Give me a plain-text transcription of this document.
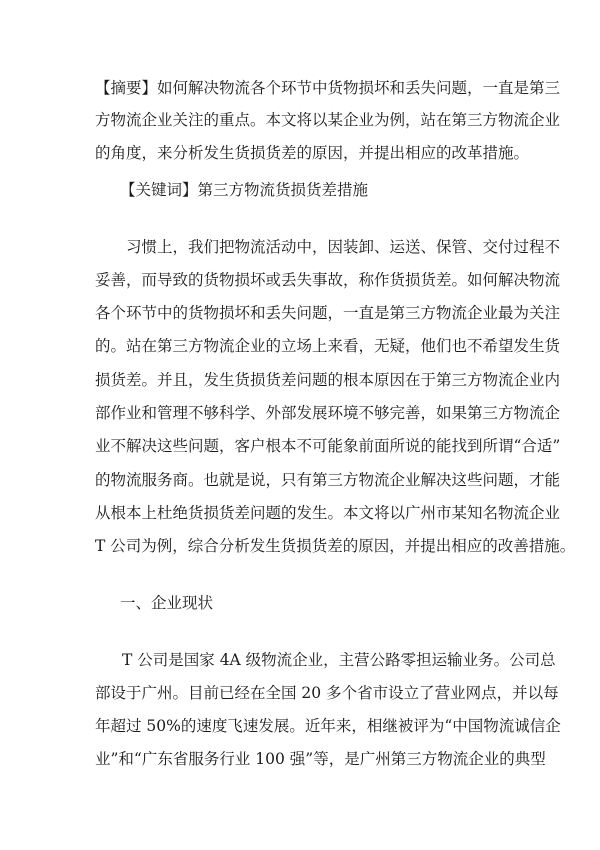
【摘要】如何解决物流各个环节中货物损坏和丢失问题，一直是第三
方物流企业关注的重点。本文将以某企业为例，站在第三方物流企业
的角度，来分析发生货损货差的原因，并提出相应的改革措施。
【关键词】第三方物流货损货差措施
习惯上，我们把物流活动中，因装卸、运送、保管、交付过程不
妥善，而导致的货物损坏或丢失事故，称作货损货差。如何解决物流
各个环节中的货物损坏和丢失问题，一直是第三方物流企业最为关注
的。站在第三方物流企业的立场上来看，无疑，他们也不希望发生货
损货差。并且，发生货损货差问题的根本原因在于第三方物流企业内
部作业和管理不够科学、外部发展环境不够完善，如果第三方物流企
业不解决这些问题，客户根本不可能象前面所说的能找到所谓“合适”
的物流服务商。也就是说，只有第三方物流企业解决这些问题，才能
从根本上杜绝货损货差问题的发生。本文将以广州市某知名物流企业
T 公司为例，综合分析发生货损货差的原因，并提出相应的改善措施。
一、企业现状
T 公司是国家 4A 级物流企业，主营公路零担运输业务。公司总
部设于广州。目前已经在全国 20 多个省市设立了营业网点，并以每
年超过 50%的速度飞速发展。近年来，相继被评为“中国物流诚信企
业”和“广东省服务行业 100 强”等，是广州第三方物流企业的典型
